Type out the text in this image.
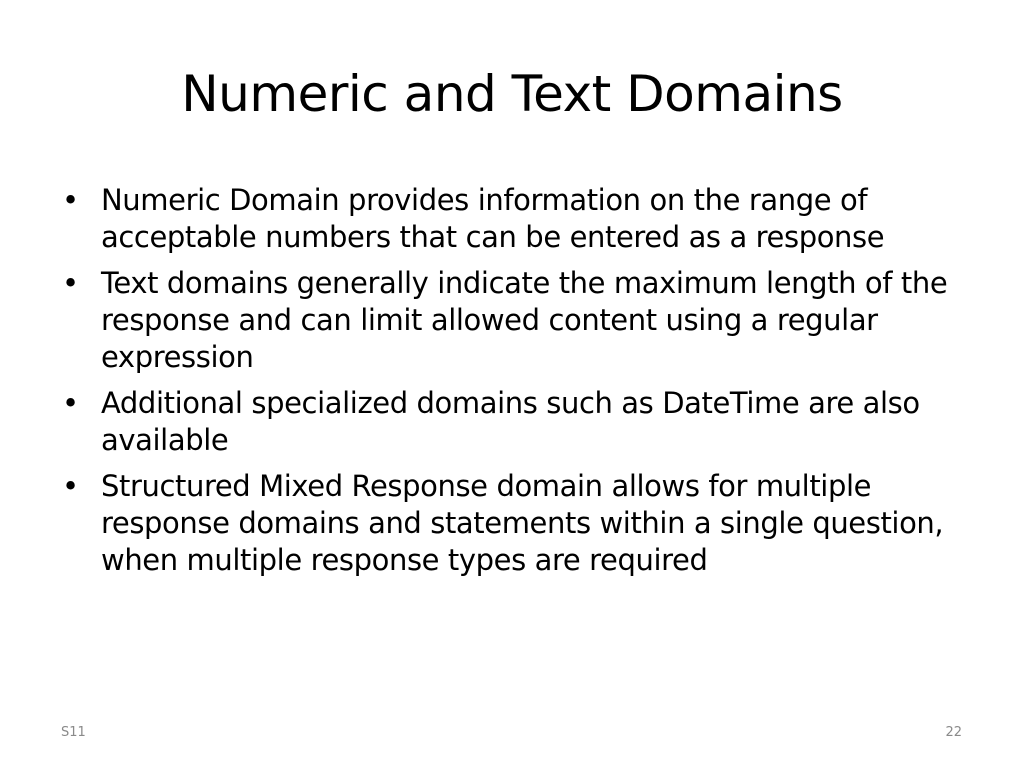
Numeric and Text Domains
• Numeric Domain provides information on the range of acceptable numbers that can be entered as a response
• Text domains generally indicate the maximum length of the response and can limit allowed content using a regular expression
• Additional specialized domains such as DateTime are also available
• Structured Mixed Response domain allows for multiple response domains and statements within a single question, when multiple response types are required
S11	22
